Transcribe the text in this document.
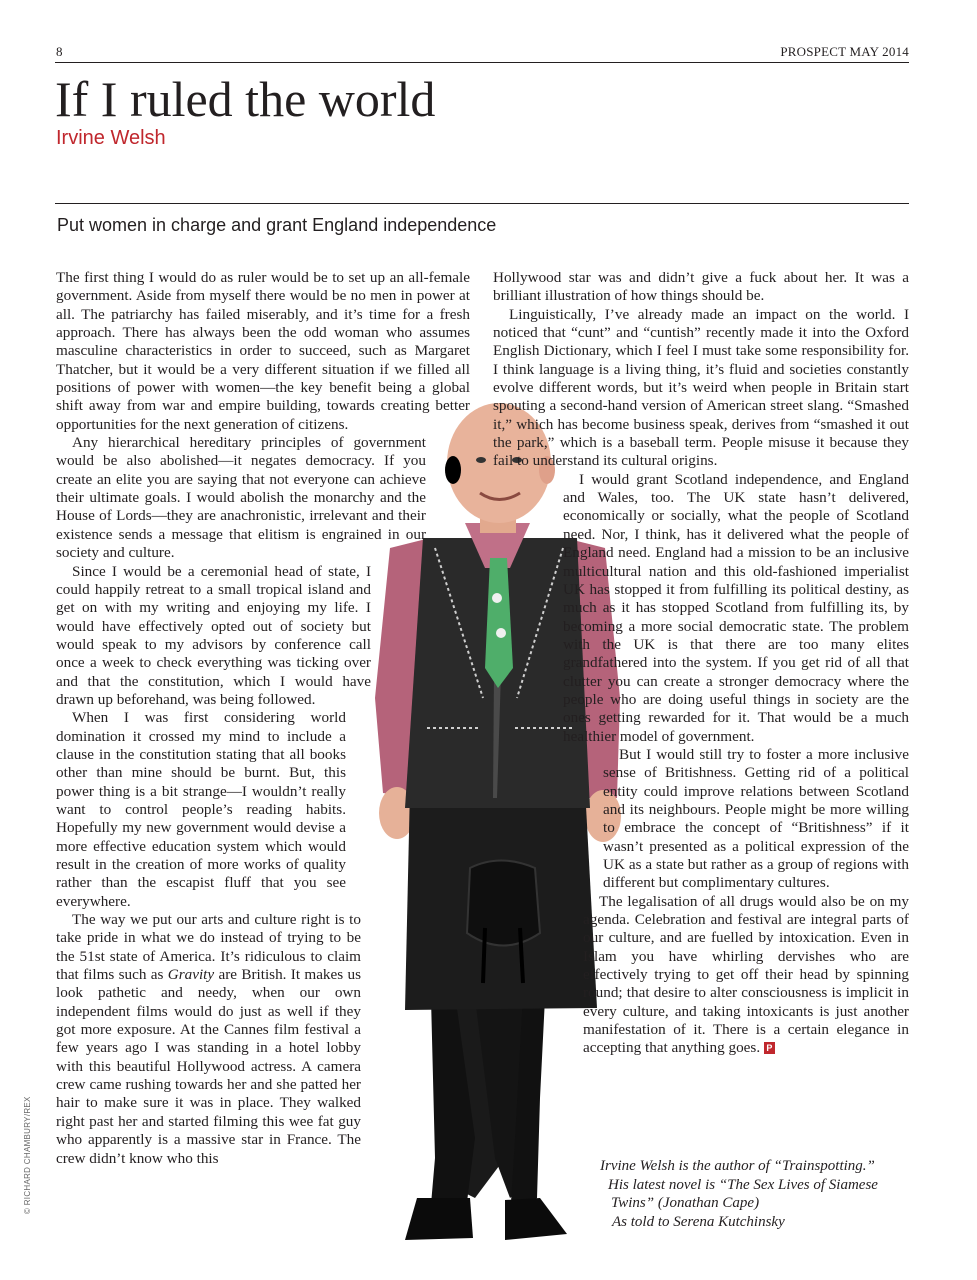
8	PROSPECT MAY 2014
If I ruled the world
Irvine Welsh
Put women in charge and grant England independence
© RICHARD CHAMBURY/REX

The first thing I would do as ruler would be to set up an all-female government. Aside from myself there would be no men in power at all. The patriarchy has failed miserably, and it’s time for a fresh approach. There has always been the odd woman who assumes masculine characteristics in order to succeed, such as Margaret Thatcher, but it would be a very different situation if we filled all positions of power with women—the key benefit being a global shift away from war and empire building, towards creating better opportunities for the next generation of citizens.

Any hierarchical hereditary principles of government would be also abolished—it negates democracy. If you create an elite you are saying that not everyone can achieve their ultimate goals. I would abolish the monarchy and the House of Lords—they are anachronistic, irrelevant and their existence sends a message that elitism is engrained in our society and culture.

Since I would be a ceremonial head of state, I could happily retreat to a small tropical island and get on with my writing and enjoying my life. I would have effectively opted out of society but would speak to my advisors by conference call once a week to check everything was ticking over and that the constitution, which I would have drawn up beforehand, was being followed.

When I was first considering world domination it crossed my mind to include a clause in the constitution stating that all books other than mine should be burnt. But, this power thing is a bit strange—I wouldn’t really want to control people’s reading habits. Hopefully my new government would devise a more effective education system which would result in the creation of more works of quality rather than the escapist fluff that you see everywhere.

The way we put our arts and culture right is to take pride in what we do instead of trying to be the 51st state of America. It’s ridiculous to claim that films such as Gravity are British. It makes us look pathetic and needy, when our own independent films would do just as well if they got more exposure. At the Cannes film festival a few years ago I was standing in a hotel lobby with this beautiful Hollywood actress. A camera crew came rushing towards her and she patted her hair to make sure it was in place. They walked right past her and started filming this wee fat guy who apparently is a massive star in France. The crew didn’t know who this

Hollywood star was and didn’t give a fuck about her. It was a brilliant illustration of how things should be.

Linguistically, I’ve already made an impact on the world. I noticed that “cunt” and “cuntish” recently made it into the Oxford English Dictionary, which I feel I must take some responsibility for. I think language is a living thing, it’s fluid and societies constantly evolve different words, but it’s weird when people in Britain start spouting a second-hand version of American street slang. “Smashed it,” which has become business speak, derives from “smashed it out the park,” which is a baseball term. People misuse it because they fail to understand its cultural origins.

I would grant Scotland independence, and England and Wales, too. The UK state hasn’t delivered, economically or socially, what the people of Scotland need. Nor, I think, has it delivered what the people of England need. England had a mission to be an inclusive multicultural nation and this old-fashioned imperialist UK has stopped it from fulfilling its political destiny, as much as it has stopped Scotland from fulfilling its, by becoming a more social democratic state. The problem with the UK is that there are too many elites grandfathered into the system. If you get rid of all that clutter you can create a stronger democracy where the people who are doing useful things in society are the ones getting rewarded for it. That would be a much healthier model of government.

But I would still try to foster a more inclusive sense of Britishness. Getting rid of a political entity could improve relations between Scotland and its neighbours. People might be more willing to embrace the concept of “Britishness” if it wasn’t presented as a political expression of the UK as a state but rather as a group of regions with different but complimentary cultures.

The legalisation of all drugs would also be on my agenda. Celebration and festival are integral parts of our culture, and are fuelled by intoxication. Even in Islam you have whirling dervishes who are effectively trying to get off their head by spinning round; that desire to alter consciousness is implicit in every culture, and taking intoxicants is just another manifestation of it. There is a certain elegance in accepting that anything goes. P

Irvine Welsh is the author of “Trainspotting.”
His latest novel is “The Sex Lives of Siamese
Twins” (Jonathan Cape)
As told to Serena Kutchinsky
